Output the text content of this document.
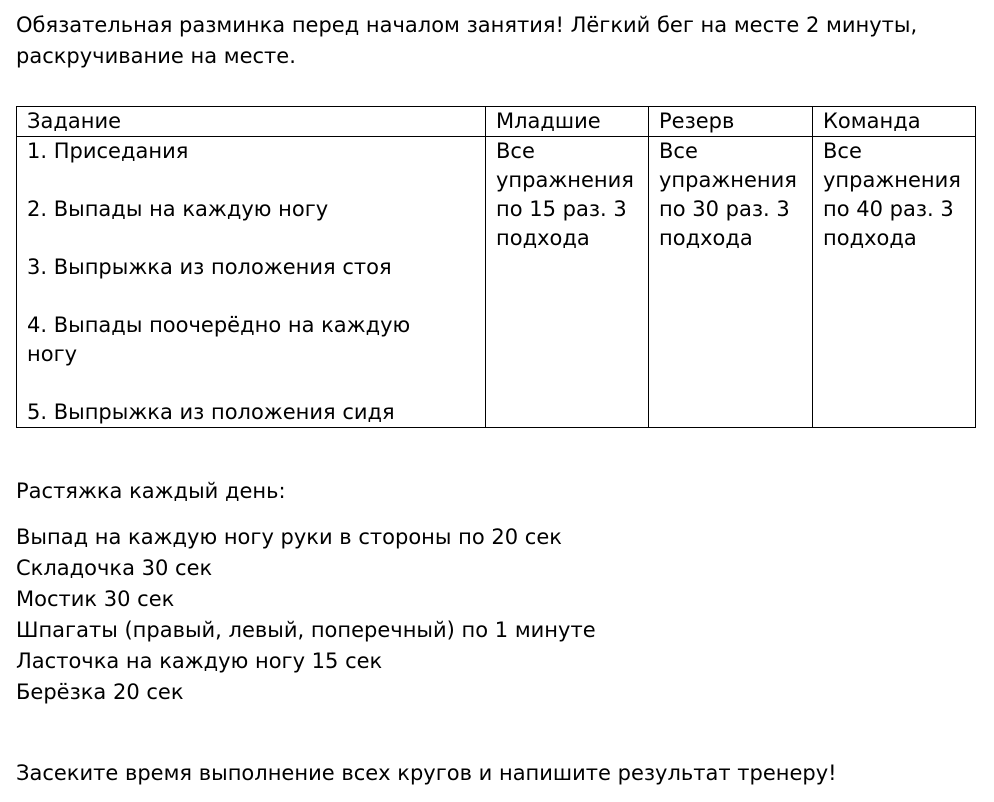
Обязательная разминка перед началом занятия! Лёгкий бег на месте 2 минуты,
раскручивание на месте.
Задание	Младшие	Резерв	Команда

1. Приседания
2. Выпады на каждую ногу
3. Выпрыжка из положения стоя
4. Выпады поочерёдно на каждую ногу
5. Выпрыжка из положения сидя	Все упражнения по 15 раз. 3 подхода	Все упражнения по 30 раз. 3 подхода	Все упражнения по 40 раз. 3 подхода

Растяжка каждый день:

Выпад на каждую ногу руки в стороны по 20 сек
Складочка 30 сек
Мостик 30 сек
Шпагаты (правый, левый, поперечный) по 1 минуте
Ласточка на каждую ногу 15 сек
Берёзка 20 сек

Засеките время выполнение всех кругов и напишите результат тренеру!
